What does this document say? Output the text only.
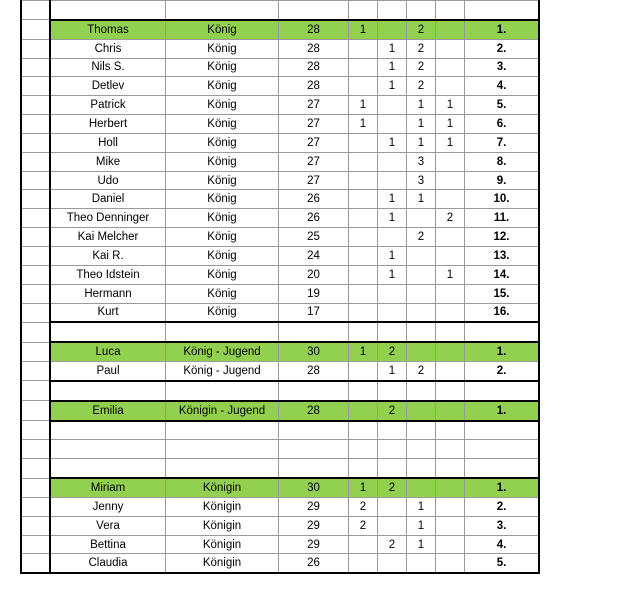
	Thomas	König	28	1		2		1.
	Chris	König	28		1	2		2.
	Nils S.	König	28		1	2		3.
	Detlev	König	28		1	2		4.
	Patrick	König	27	1		1	1	5.
	Herbert	König	27	1		1	1	6.
	Holl	König	27		1	1	1	7.
	Mike	König	27			3		8.
	Udo	König	27			3		9.
	Daniel	König	26		1	1		10.
	Theo Denninger	König	26		1		2	11.
	Kai Melcher	König	25			2		12.
	Kai R.	König	24		1			13.
	Theo Idstein	König	20		1		1	14.
	Hermann	König	19					15.
	Kurt	König	17					16.

	Luca	König - Jugend	30	1	2			1.
	Paul	König - Jugend	28		1	2		2.

	Emilia	Königin - Jugend	28		2			1.

	Miriam	Königin	30	1	2			1.
	Jenny	Königin	29	2		1		2.
	Vera	Königin	29	2		1		3.
	Bettina	Königin	29		2	1		4.
	Claudia	Königin	26					5.
